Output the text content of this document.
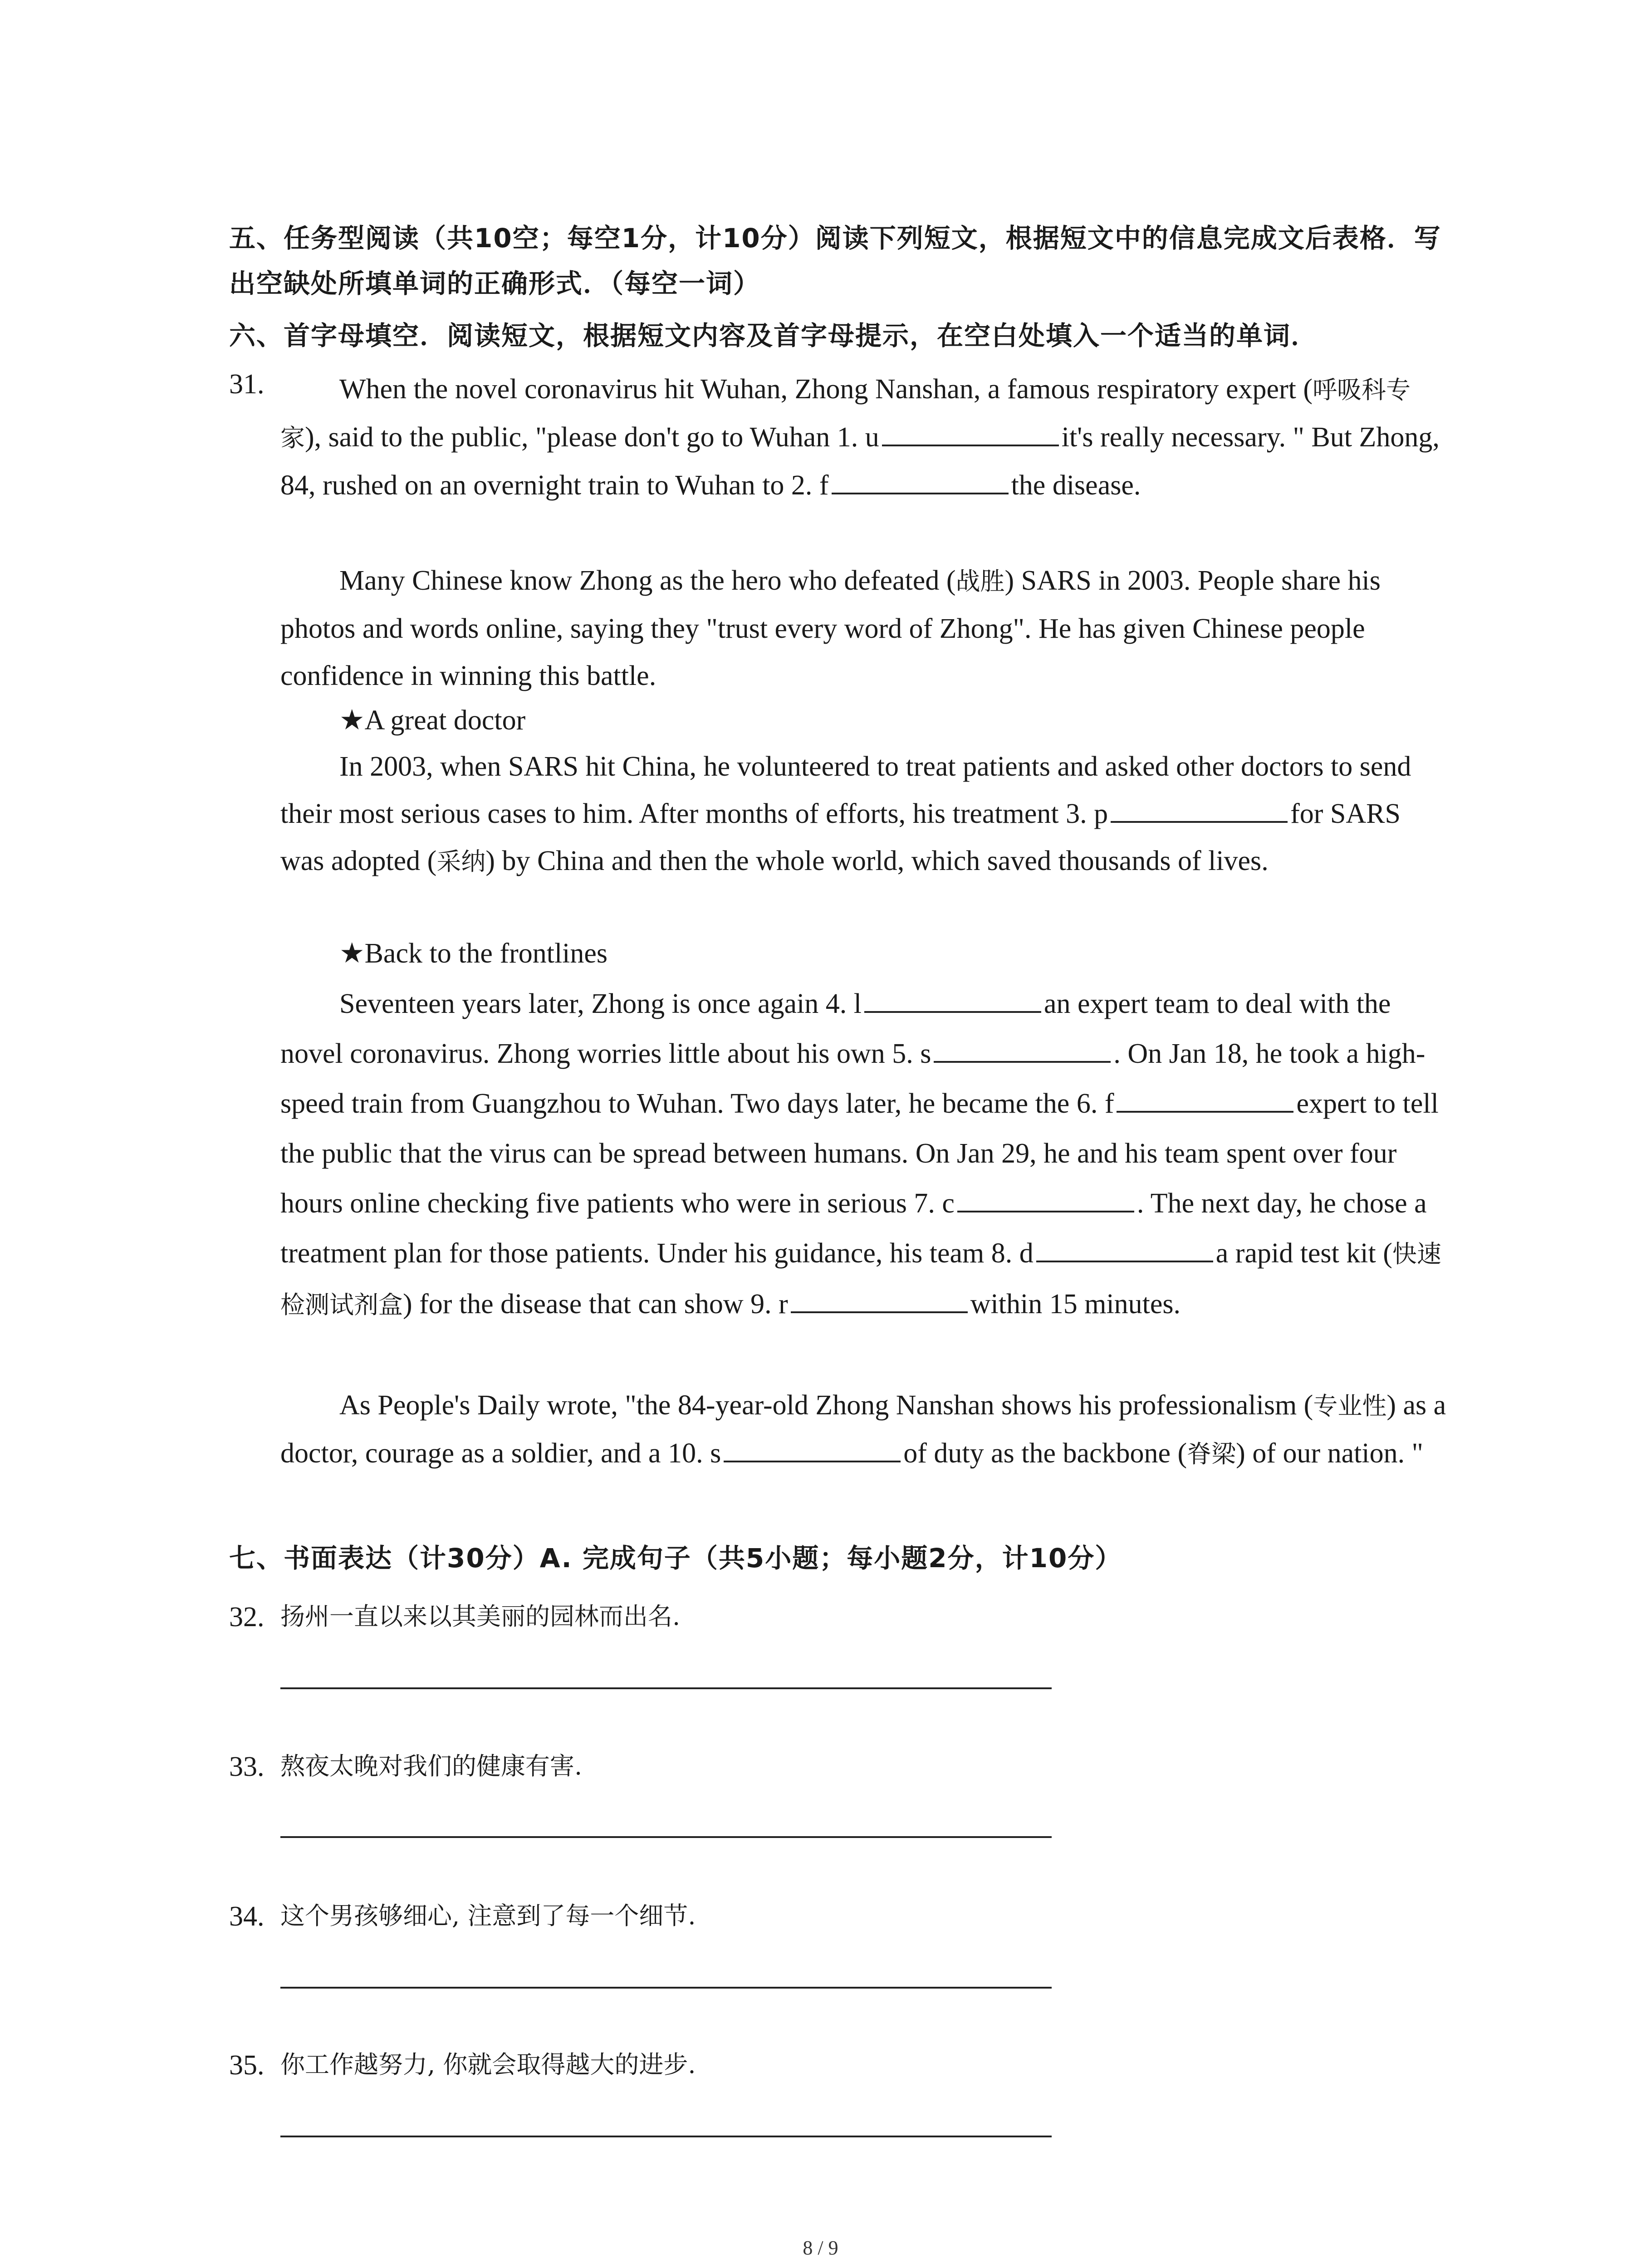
五、任务型阅读（共10空；每空1分，计10分）阅读下列短文，根据短文中的信息完成文后表格．写出空缺处所填单词的正确形式．（每空一词）
六、首字母填空．阅读短文，根据短文内容及首字母提示，在空白处填入一个适当的单词．
31.	When the novel coronavirus hit Wuhan, Zhong Nanshan, a famous respiratory expert (呼吸科专家), said to the public, "please don't go to Wuhan 1. u	it's really necessary. " But Zhong, 84, rushed on an overnight train to Wuhan to 2. f	the disease.
Many Chinese know Zhong as the hero who defeated (战胜) SARS in 2003. People share his photos and words online, saying they "trust every word of Zhong". He has given Chinese people confidence in winning this battle.
★A great doctor
In 2003, when SARS hit China, he volunteered to treat patients and asked other doctors to send their most serious cases to him. After months of efforts, his treatment 3. p	for SARS was adopted (采纳) by China and then the whole world, which saved thousands of lives.
★Back to the frontlines
Seventeen years later, Zhong is once again 4. l	an expert team to deal with the novel coronavirus. Zhong worries little about his own 5. s	. On Jan 18, he took a high-speed train from Guangzhou to Wuhan. Two days later, he became the 6. f	expert to tell the public that the virus can be spread between humans. On Jan 29, he and his team spent over four hours online checking five patients who were in serious 7. c	. The next day, he chose a treatment plan for those patients. Under his guidance, his team 8. d	a rapid test kit (快速检测试剂盒) for the disease that can show 9. r	within 15 minutes.
As People's Daily wrote, "the 84-year-old Zhong Nanshan shows his professionalism (专业性) as a doctor, courage as a soldier, and a 10. s	of duty as the backbone (脊梁) of our nation. "
七、书面表达（计30分）A. 完成句子（共5小题；每小题2分，计10分）
32. 扬州一直以来以其美丽的园林而出名.
33. 熬夜太晚对我们的健康有害.
34. 这个男孩够细心, 注意到了每一个细节.
35. 你工作越努力, 你就会取得越大的进步.
8 / 9
